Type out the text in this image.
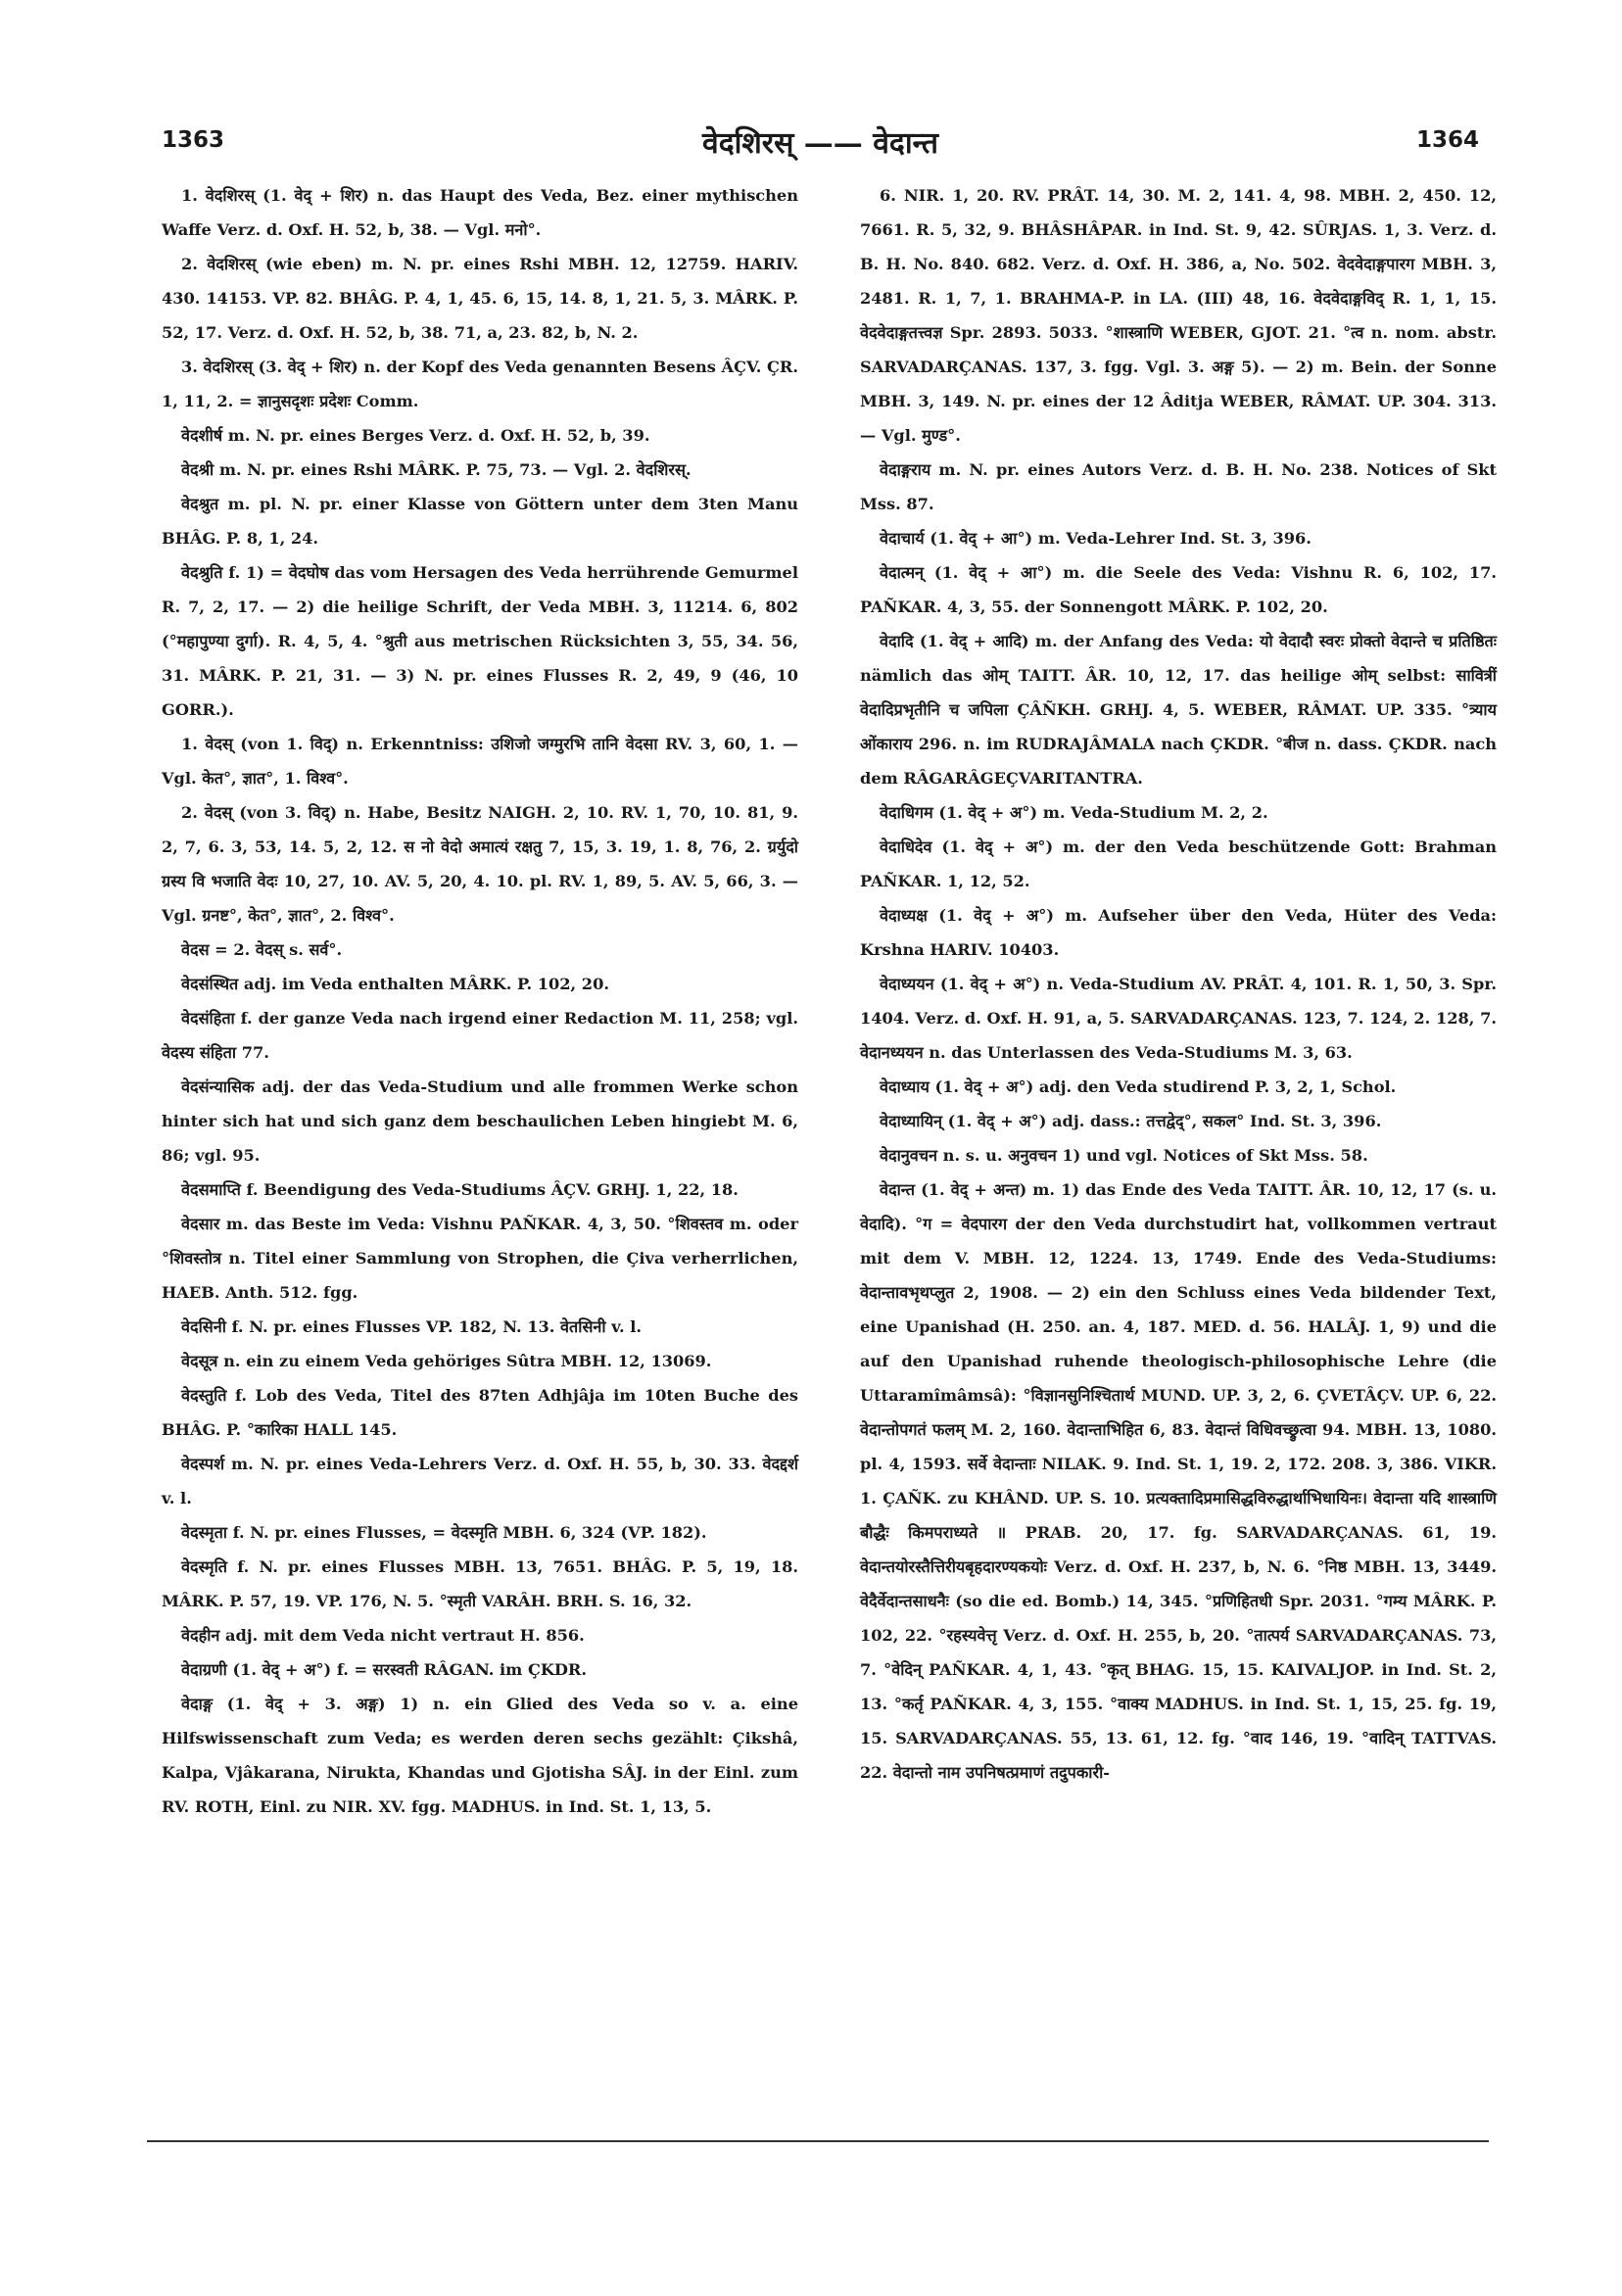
1363	वेदशिरस् —— वेदान्त	1364

1. वेदशिरस् (1. वेद् + शिर) n. das Haupt des Veda, Bez. einer mythischen Waffe Verz. d. Oxf. H. 52, b, 38. — Vgl. मनो°.

2. वेदशिरस् (wie eben) m. N. pr. eines Rshi MBH. 12, 12759. HARIV. 430. 14153. VP. 82. BHÂG. P. 4, 1, 45. 6, 15, 14. 8, 1, 21. 5, 3. MÂRK. P. 52, 17. Verz. d. Oxf. H. 52, b, 38. 71, a, 23. 82, b, N. 2.

3. वेदशिरस् (3. वेद् + शिर) n. der Kopf des Veda genannten Besens ÂÇV. ÇR. 1, 11, 2. = ज्ञानुसदृशः प्रदेशः Comm.

वेदशीर्ष m. N. pr. eines Berges Verz. d. Oxf. H. 52, b, 39.

वेदश्री m. N. pr. eines Rshi MÂRK. P. 75, 73. — Vgl. 2. वेदशिरस्.

वेदश्रुत m. pl. N. pr. einer Klasse von Göttern unter dem 3ten Manu BHÂG. P. 8, 1, 24.

वेदश्रुति f. 1) = वेदघोष das vom Hersagen des Veda herrührende Gemurmel R. 7, 2, 17. — 2) die heilige Schrift, der Veda MBH. 3, 11214. 6, 802 (°महापुण्या दुर्गा). R. 4, 5, 4. °श्रुती aus metrischen Rücksichten 3, 55, 34. 56, 31. MÂRK. P. 21, 31. — 3) N. pr. eines Flusses R. 2, 49, 9 (46, 10 GORR.).

1. वेदस् (von 1. विद्) n. Erkenntniss: उशिजो जग्मुरभि तानि वेदसा RV. 3, 60, 1. — Vgl. केत°, ज्ञात°, 1. विश्व°.

2. वेदस् (von 3. विद्) n. Habe, Besitz NAIGH. 2, 10. RV. 1, 70, 10. 81, 9. 2, 7, 6. 3, 53, 14. 5, 2, 12. स नो वेदो अमात्यं रक्षतु 7, 15, 3. 19, 1. 8, 76, 2. ग्रर्युदो ग्रस्य वि भजाति वेदः 10, 27, 10. AV. 5, 20, 4. 10. pl. RV. 1, 89, 5. AV. 5, 66, 3. — Vgl. ग्रनष्ट°, केत°, ज्ञात°, 2. विश्व°.

वेदस = 2. वेदस् s. सर्व°.

वेदसंस्थित adj. im Veda enthalten MÂRK. P. 102, 20.

वेदसंहिता f. der ganze Veda nach irgend einer Redaction M. 11, 258; vgl. वेदस्य संहिता 77.

वेदसंन्यासिक adj. der das Veda-Studium und alle frommen Werke schon hinter sich hat und sich ganz dem beschaulichen Leben hingiebt M. 6, 86; vgl. 95.

वेदसमाप्ति f. Beendigung des Veda-Studiums ÂÇV. GRHJ. 1, 22, 18.

वेदसार m. das Beste im Veda: Vishnu PAÑKAR. 4, 3, 50. °शिवस्तव m. oder °शिवस्तोत्र n. Titel einer Sammlung von Strophen, die Çiva verherrlichen, HAEB. Anth. 512. fgg.

वेदसिनी f. N. pr. eines Flusses VP. 182, N. 13. वेतसिनी v. l.

वेदसूत्र n. ein zu einem Veda gehöriges Sûtra MBH. 12, 13069.

वेदस्तुति f. Lob des Veda, Titel des 87ten Adhjâja im 10ten Buche des BHÂG. P. °कारिका HALL 145.

वेदस्पर्श m. N. pr. eines Veda-Lehrers Verz. d. Oxf. H. 55, b, 30. 33. वेदद्दर्श v. l.

वेदस्मृता f. N. pr. eines Flusses, = वेदस्मृति MBH. 6, 324 (VP. 182).

वेदस्मृति f. N. pr. eines Flusses MBH. 13, 7651. BHÂG. P. 5, 19, 18. MÂRK. P. 57, 19. VP. 176, N. 5. °स्मृती VARÂH. BRH. S. 16, 32.

वेदहीन adj. mit dem Veda nicht vertraut H. 856.

वेदाग्रणी (1. वेद् + अ°) f. = सरस्वती RÂGAN. im ÇKDR.

वेदाङ्ग (1. वेद् + 3. अङ्ग) 1) n. ein Glied des Veda so v. a. eine Hilfswissenschaft zum Veda; es werden deren sechs gezählt: Çikshâ, Kalpa, Vjâkarana, Nirukta, Khandas und Gjotisha SÂJ. in der Einl. zum RV. ROTH, Einl. zu NIR. XV. fgg. MADHUS. in Ind. St. 1, 13, 5.

6. NIR. 1, 20. RV. PRÂT. 14, 30. M. 2, 141. 4, 98. MBH. 2, 450. 12, 7661. R. 5, 32, 9. BHÂSHÂPAR. in Ind. St. 9, 42. SÛRJAS. 1, 3. Verz. d. B. H. No. 840. 682. Verz. d. Oxf. H. 386, a, No. 502. वेदवेदाङ्गपारग MBH. 3, 2481. R. 1, 7, 1. BRAHMA-P. in LA. (III) 48, 16. वेदवेदाङ्गविद् R. 1, 1, 15. वेदवेदाङ्गतत्त्वज्ञ Spr. 2893. 5033. °शास्त्राणि WEBER, GJOT. 21. °त्व n. nom. abstr. SARVADARÇANAS. 137, 3. fgg. Vgl. 3. अङ्ग 5). — 2) m. Bein. der Sonne MBH. 3, 149. N. pr. eines der 12 Âditja WEBER, RÂMAT. UP. 304. 313. — Vgl. मुण्ड°.

वेदाङ्गराय m. N. pr. eines Autors Verz. d. B. H. No. 238. Notices of Skt Mss. 87.

वेदाचार्य (1. वेद् + आ°) m. Veda-Lehrer Ind. St. 3, 396.

वेदात्मन् (1. वेद् + आ°) m. die Seele des Veda: Vishnu R. 6, 102, 17. PAÑKAR. 4, 3, 55. der Sonnengott MÂRK. P. 102, 20.

वेदादि (1. वेद् + आदि) m. der Anfang des Veda: यो वेदादौ स्वरः प्रोक्तो वेदान्ते च प्रतिष्ठितः nämlich das ओम् TAITT. ÂR. 10, 12, 17. das heilige ओम् selbst: सावित्रीं वेदादिप्रभृतीनि च जपिला ÇÂÑKH. GRHJ. 4, 5. WEBER, RÂMAT. UP. 335. °त्र्याय ओंकाराय 296. n. im RUDRAJÂMALA nach ÇKDR. °बीज n. dass. ÇKDR. nach dem RÂGARÂGEÇVARITANTRA.

वेदाधिगम (1. वेद् + अ°) m. Veda-Studium M. 2, 2.

वेदाधिदेव (1. वेद् + अ°) m. der den Veda beschützende Gott: Brahman PAÑKAR. 1, 12, 52.

वेदाध्यक्ष (1. वेद् + अ°) m. Aufseher über den Veda, Hüter des Veda: Krshna HARIV. 10403.

वेदाध्ययन (1. वेद् + अ°) n. Veda-Studium AV. PRÂT. 4, 101. R. 1, 50, 3. Spr. 1404. Verz. d. Oxf. H. 91, a, 5. SARVADARÇANAS. 123, 7. 124, 2. 128, 7. वेदानध्ययन n. das Unterlassen des Veda-Studiums M. 3, 63.

वेदाध्याय (1. वेद् + अ°) adj. den Veda studirend P. 3, 2, 1, Schol.

वेदाध्यायिन् (1. वेद् + अ°) adj. dass.: तत्तद्वेद्°, सकल° Ind. St. 3, 396.

वेदानुवचन n. s. u. अनुवचन 1) und vgl. Notices of Skt Mss. 58.

वेदान्त (1. वेद् + अन्त) m. 1) das Ende des Veda TAITT. ÂR. 10, 12, 17 (s. u. वेदादि). °ग = वेदपारग der den Veda durchstudirt hat, vollkommen vertraut mit dem V. MBH. 12, 1224. 13, 1749. Ende des Veda-Studiums: वेदान्तावभृथप्लुत 2, 1908. — 2) ein den Schluss eines Veda bildender Text, eine Upanishad (H. 250. an. 4, 187. MED. d. 56. HALÂJ. 1, 9) und die auf den Upanishad ruhende theologisch-philosophische Lehre (die Uttaramîmâmsâ): °विज्ञानसुनिश्चितार्थ MUND. UP. 3, 2, 6. ÇVETÂÇV. UP. 6, 22. वेदान्तोपगतं फलम् M. 2, 160. वेदान्ताभिहित 6, 83. वेदान्तं विधिवच्छ्रुत्वा 94. MBH. 13, 1080. pl. 4, 1593. सर्वे वेदान्ताः NILAK. 9. Ind. St. 1, 19. 2, 172. 208. 3, 386. VIKR. 1. ÇAÑK. zu KHÂND. UP. S. 10. प्रत्यक्तादिप्रमासिद्धविरुद्धार्थाभिधायिनः। वेदान्ता यदि शास्त्राणि बौद्धैः किमपराध्यते ॥ PRAB. 20, 17. fg. SARVADARÇANAS. 61, 19. वेदान्तयोरस्तैत्तिरीयबृहदारण्यकयोः Verz. d. Oxf. H. 237, b, N. 6. °निष्ठ MBH. 13, 3449. वेदैर्वेदान्तसाधनैः (so die ed. Bomb.) 14, 345. °प्रणिहितधी Spr. 2031. °गम्य MÂRK. P. 102, 22. °रहस्यवेत्तृ Verz. d. Oxf. H. 255, b, 20. °तात्पर्य SARVADARÇANAS. 73, 7. °वेदिन् PAÑKAR. 4, 1, 43. °कृत् BHAG. 15, 15. KAIVALJOP. in Ind. St. 2, 13. °कर्तृ PAÑKAR. 4, 3, 155. °वाक्य MADHUS. in Ind. St. 1, 15, 25. fg. 19, 15. SARVADARÇANAS. 55, 13. 61, 12. fg. °वाद 146, 19. °वादिन् TATTVAS. 22. वेदान्तो नाम उपनिषत्प्रमाणं तदुपकारी-
